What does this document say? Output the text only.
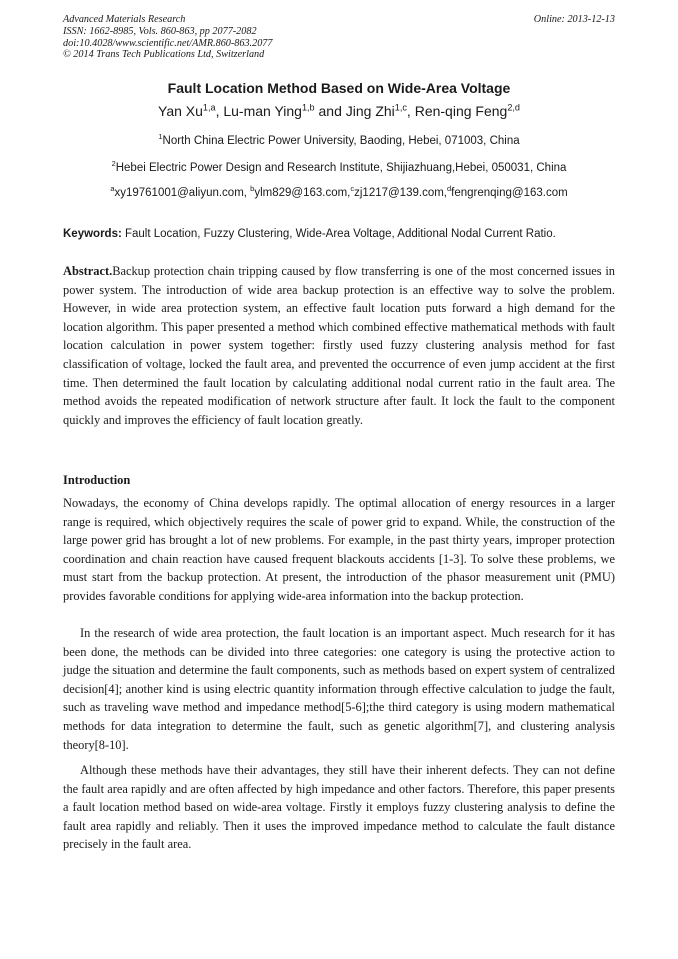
Advanced Materials Research
ISSN: 1662-8985, Vols. 860-863, pp 2077-2082
doi:10.4028/www.scientific.net/AMR.860-863.2077
© 2014 Trans Tech Publications Ltd, Switzerland
Online: 2013-12-13
Fault Location Method Based on Wide-Area Voltage
Yan Xu$^{1,a}$, Lu-man Ying$^{1,b}$ and Jing Zhi$^{1,c}$, Ren-qing Feng$^{2,d}$
$^1$North China Electric Power University, Baoding, Hebei, 071003, China
$^2$Hebei Electric Power Design and Research Institute, Shijiazhuang,Hebei, 050031, China
$^a$xy19761001@aliyun.com, $^b$ylm829@163.com,$^c$zj1217@139.com,$^d$fengrenqing@163.com
Keywords: Fault Location, Fuzzy Clustering, Wide-Area Voltage, Additional Nodal Current Ratio.
Abstract.Backup protection chain tripping caused by flow transferring is one of the most concerned issues in power system. The introduction of wide area backup protection is an effective way to solve the problem. However, in wide area protection system, an effective fault location puts forward a high demand for the location algorithm. This paper presented a method which combined effective mathematical methods with fault location calculation in power system together: firstly used fuzzy clustering analysis method for fast classification of voltage, locked the fault area, and prevented the occurrence of even jump accident at the first time. Then determined the fault location by calculating additional nodal current ratio in the fault area. The method avoids the repeated modification of network structure after fault. It lock the fault to the component quickly and improves the efficiency of fault location greatly.
Introduction
Nowadays, the economy of China develops rapidly. The optimal allocation of energy resources in a larger range is required, which objectively requires the scale of power grid to expand. While, the construction of the large power grid has brought a lot of new problems. For example, in the past thirty years, improper protection coordination and chain reaction have caused frequent blackouts accidents [1-3]. To solve these problems, we must start from the backup protection. At present, the introduction of the phasor measurement unit (PMU) provides favorable conditions for applying wide-area information into the backup protection.
In the research of wide area protection, the fault location is an important aspect. Much research for it has been done, the methods can be divided into three categories: one category is using the protective action to judge the situation and determine the fault components, such as methods based on expert system of centralized decision[4]; another kind is using electric quantity information through effective calculation to judge the fault, such as traveling wave method and impedance method[5-6];the third category is using modern mathematical methods for data integration to determine the fault, such as genetic algorithm[7], and clustering analysis theory[8-10].
Although these methods have their advantages, they still have their inherent defects. They can not define the fault area rapidly and are often affected by high impedance and other factors. Therefore, this paper presents a fault location method based on wide-area voltage. Firstly it employs fuzzy clustering analysis to define the fault area rapidly and reliably. Then it uses the improved impedance method to calculate the fault distance precisely in the fault area.
